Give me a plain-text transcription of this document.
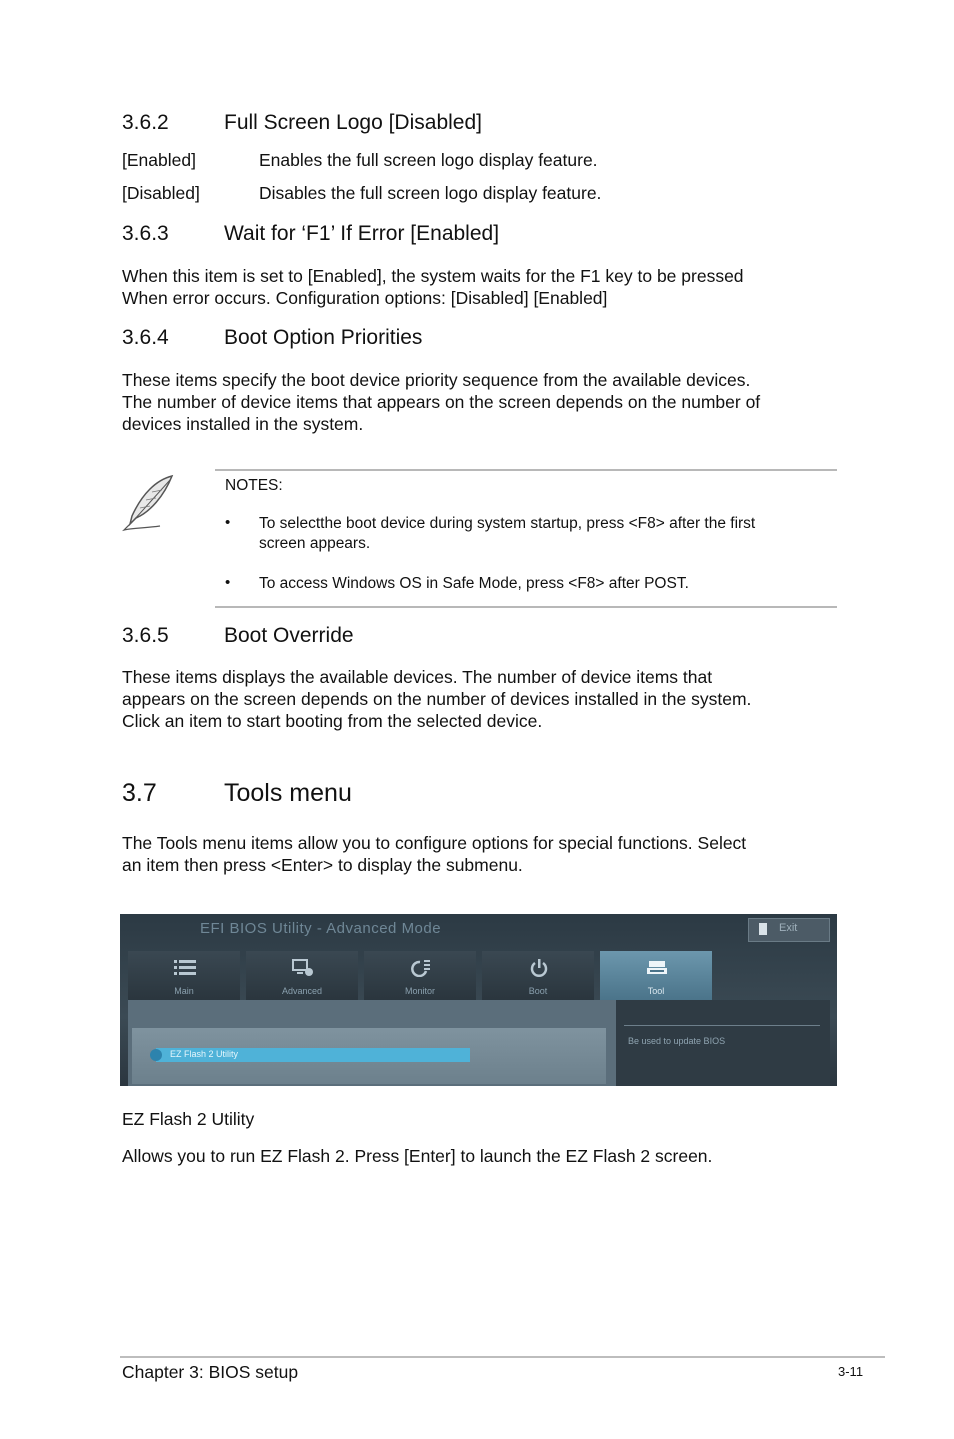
3.6.2	Full Screen Logo [Disabled]
[Enabled]	Enables the full screen logo display feature.
[Disabled]	Disables the full screen logo display feature.
3.6.3	Wait for ‘F1’ If Error [Enabled]
When this item is set to [Enabled], the system waits for the F1 key to be pressed
When error occurs. Configuration options: [Disabled] [Enabled]
3.6.4	Boot Option Priorities
These items specify the boot device priority sequence from the available devices.
The number of device items that appears on the screen depends on the number of
devices installed in the system.
NOTES:
• To selectthe boot device during system startup, press <F8> after the first
screen appears.
• To access Windows OS in Safe Mode, press <F8> after POST.
3.6.5	Boot Override
These items displays the available devices. The number of device items that
appears on the screen depends on the number of devices installed in the system.
Click an item to start booting from the selected device.
3.7	Tools menu
The Tools menu items allow you to configure options for special functions. Select
an item then press <Enter> to display the submenu.
EFI BIOS Utility - Advanced Mode	Exit
Main	Advanced	Monitor	Boot	Tool
EZ Flash 2 Utility
Be used to update BIOS
EZ Flash 2 Utility
Allows you to run EZ Flash 2. Press [Enter] to launch the EZ Flash 2 screen.
Chapter 3: BIOS setup	3-11
